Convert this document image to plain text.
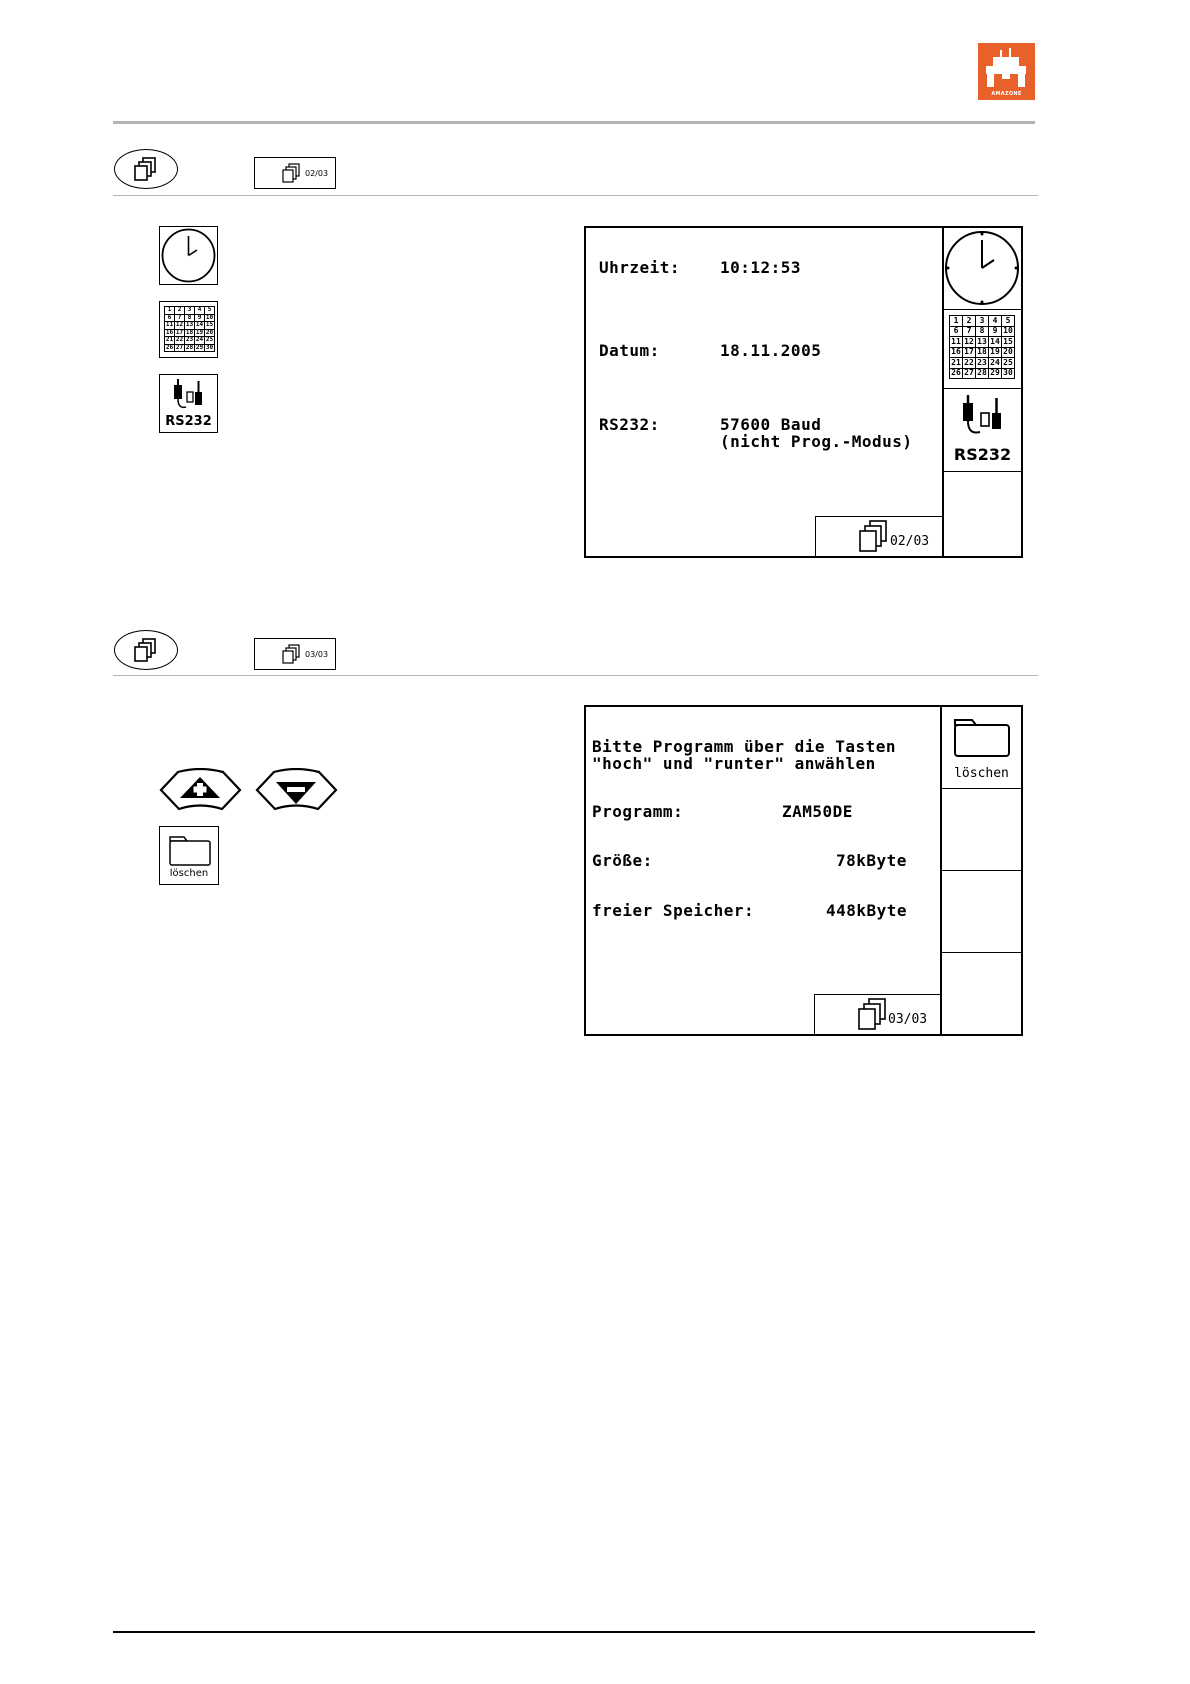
AMAZONE
02/03
1	2	3	4	5
6	7	8	9	10
11	12	13	14	15
16	17	18	19	20
21	22	23	24	25
26	27	28	29	30
RS232
Uhrzeit: 10:12:53
Datum:	18.11.2005
RS232:	57600 Baud
(nicht Prog.-Modus)
02/03
1	2	3	4	5
6	7	8	9	10
11	12	13	14	15
16	17	18	19	20
21	22	23	24	25
26	27	28	29	30
RS232
03/03
löschen
Bitte Programm über die Tasten
"hoch" und "runter" anwählen
Programm:	ZAM50DE
Größe:	78kByte
freier Speicher:	448kByte
03/03
löschen
